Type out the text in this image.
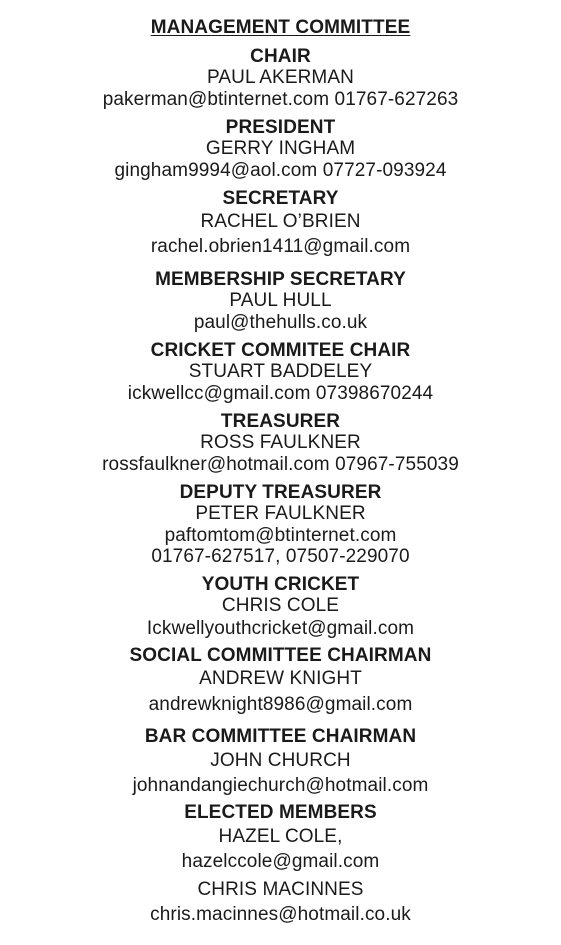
MANAGEMENT COMMITTEE
CHAIR
PAUL AKERMAN
pakerman@btinternet.com 01767-627263
PRESIDENT
GERRY INGHAM
gingham9994@aol.com 07727-093924
SECRETARY
RACHEL O’BRIEN
rachel.obrien1411@gmail.com
MEMBERSHIP SECRETARY
PAUL HULL
paul@thehulls.co.uk
CRICKET COMMITEE CHAIR
STUART BADDELEY
ickwellcc@gmail.com 07398670244
TREASURER
ROSS FAULKNER
rossfaulkner@hotmail.com 07967-755039
DEPUTY TREASURER
PETER FAULKNER
paftomtom@btinternet.com
01767-627517, 07507-229070
YOUTH CRICKET
CHRIS COLE
Ickwellyouthcricket@gmail.com
SOCIAL COMMITTEE CHAIRMAN
ANDREW KNIGHT
andrewknight8986@gmail.com
BAR COMMITTEE CHAIRMAN
JOHN CHURCH
johnandangiechurch@hotmail.com
ELECTED MEMBERS
HAZEL COLE,
hazelccole@gmail.com
CHRIS MACINNES
chris.macinnes@hotmail.co.uk
